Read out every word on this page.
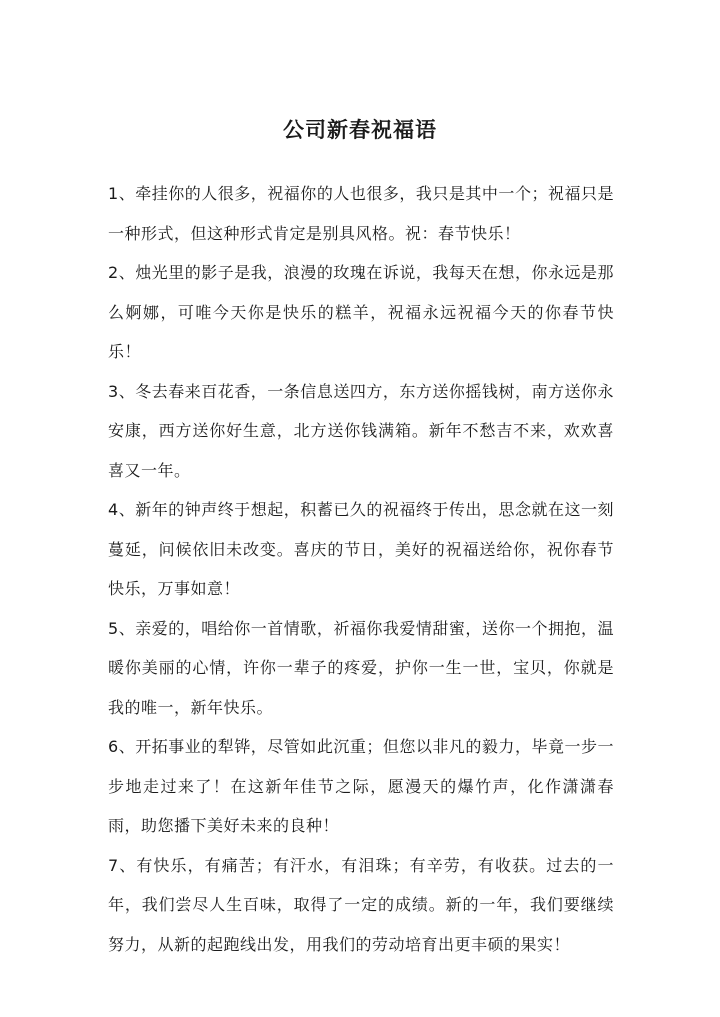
公司新春祝福语

1、牵挂你的人很多，祝福你的人也很多，我只是其中一个；祝福只是一种形式，但这种形式肯定是别具风格。祝：春节快乐！

2、烛光里的影子是我，浪漫的玫瑰在诉说，我每天在想，你永远是那么婀娜，可唯今天你是快乐的糕羊，祝福永远祝福今天的你春节快乐！

3、冬去春来百花香，一条信息送四方，东方送你摇钱树，南方送你永安康，西方送你好生意，北方送你钱满箱。新年不愁吉不来，欢欢喜喜又一年。

4、新年的钟声终于想起，积蓄已久的祝福终于传出，思念就在这一刻蔓延，问候依旧未改变。喜庆的节日，美好的祝福送给你，祝你春节快乐，万事如意！

5、亲爱的，唱给你一首情歌，祈福你我爱情甜蜜，送你一个拥抱，温暖你美丽的心情，许你一辈子的疼爱，护你一生一世，宝贝，你就是我的唯一，新年快乐。

6、开拓事业的犁铧，尽管如此沉重；但您以非凡的毅力，毕竟一步一步地走过来了！在这新年佳节之际，愿漫天的爆竹声，化作潇潇春雨，助您播下美好未来的良种！

7、有快乐，有痛苦；有汗水，有泪珠；有辛劳，有收获。过去的一年，我们尝尽人生百味，取得了一定的成绩。新的一年，我们要继续努力，从新的起跑线出发，用我们的劳动培育出更丰硕的果实！
